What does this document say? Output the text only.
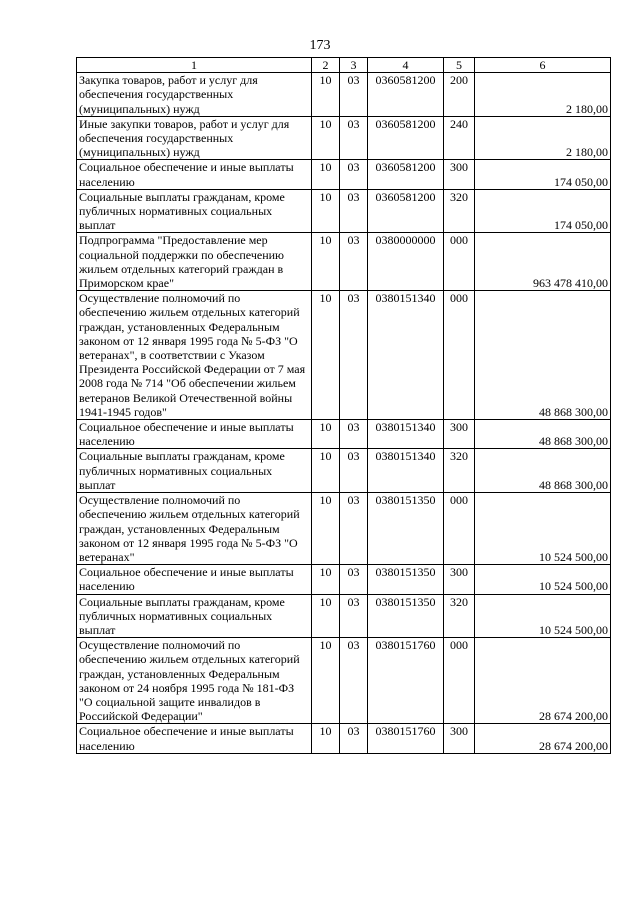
173
1	2	3	4	5	6
Закупка товаров, работ и услуг для обеспечения государственных (муниципальных) нужд	10	03	0360581200	200	2 180,00
Иные закупки товаров, работ и услуг для обеспечения государственных (муниципальных) нужд	10	03	0360581200	240	2 180,00
Социальное обеспечение и иные выплаты населению	10	03	0360581200	300	174 050,00
Социальные выплаты гражданам, кроме публичных нормативных социальных выплат	10	03	0360581200	320	174 050,00
Подпрограмма "Предоставление мер социальной поддержки по обеспечению жильем отдельных категорий граждан в Приморском крае"	10	03	0380000000	000	963 478 410,00
Осуществление полномочий по обеспечению жильем отдельных категорий граждан, установленных Федеральным законом от 12 января 1995 года № 5-ФЗ "О ветеранах", в соответствии с Указом Президента Российской Федерации от 7 мая 2008 года № 714 "Об обеспечении жильем ветеранов Великой Отечественной войны 1941-1945 годов"	10	03	0380151340	000	48 868 300,00
Социальное обеспечение и иные выплаты населению	10	03	0380151340	300	48 868 300,00
Социальные выплаты гражданам, кроме публичных нормативных социальных выплат	10	03	0380151340	320	48 868 300,00
Осуществление полномочий по обеспечению жильем отдельных категорий граждан, установленных Федеральным законом от 12 января 1995 года № 5-ФЗ "О ветеранах"	10	03	0380151350	000	10 524 500,00
Социальное обеспечение и иные выплаты населению	10	03	0380151350	300	10 524 500,00
Социальные выплаты гражданам, кроме публичных нормативных социальных выплат	10	03	0380151350	320	10 524 500,00
Осуществление полномочий по обеспечению жильем отдельных категорий граждан, установленных Федеральным законом от 24 ноября 1995 года № 181-ФЗ "О социальной защите инвалидов в Российской Федерации"	10	03	0380151760	000	28 674 200,00
Социальное обеспечение и иные выплаты населению	10	03	0380151760	300	28 674 200,00
